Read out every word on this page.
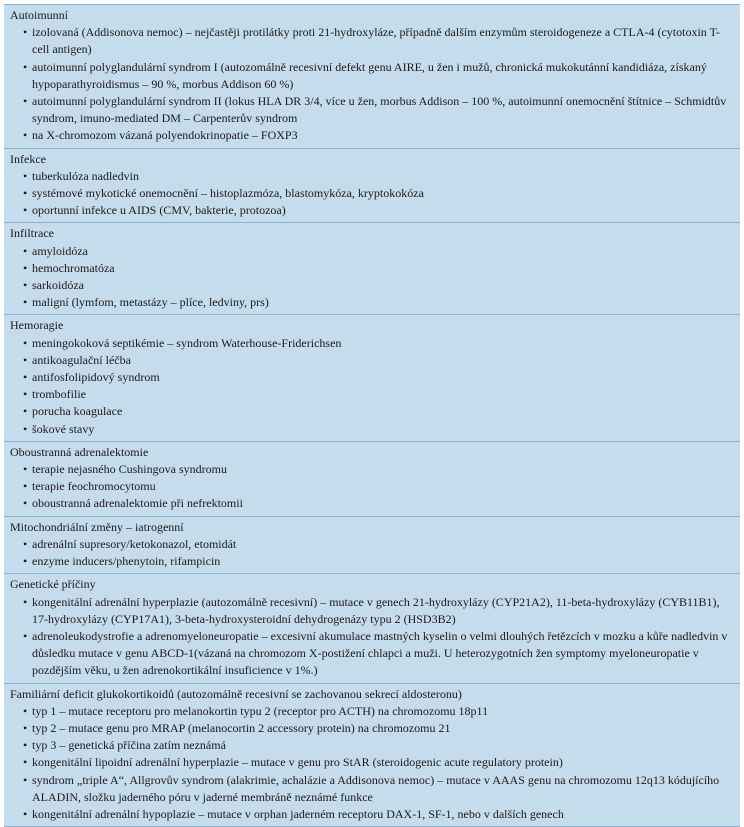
Autoimunní
• izolovaná (Addisonova nemoc) – nejčastěji protilátky proti 21-hydroxyláze, případně dalším enzymům steroidogeneze a CTLA-4 (cytotoxin T-cell antigen)
• autoimunní polyglandulární syndrom I (autozomálně recesivní defekt genu AIRE, u žen i mužů, chronická mukokutánní kandidiáza, získaný hypoparathyroidismus – 90 %, morbus Addison 60 %)
• autoimunní polyglandulární syndrom II (lokus HLA DR 3/4, více u žen, morbus Addison – 100 %, autoimunní onemocnění štítnice – Schmidtův syndrom, imuno-mediated DM – Carpenterův syndrom
• na X-chromozom vázaná polyendokrinopatie – FOXP3
Infekce
• tuberkulóza nadledvin
• systémové mykotické onemocnění – histoplazmóza, blastomykóza, kryptokokóza
• oportunní infekce u AIDS (CMV, bakterie, protozoa)
Infiltrace
• amyloidóza
• hemochromatóza
• sarkoidóza
• maligní (lymfom, metastázy – plíce, ledviny, prs)
Hemoragie
• meningokoková septikémie – syndrom Waterhouse-Friderichsen
• antikoagulační léčba
• antifosfolipidový syndrom
• trombofilie
• porucha koagulace
• šokové stavy
Oboustranná adrenalektomie
• terapie nejasného Cushingova syndromu
• terapie feochromocytomu
• oboustranná adrenalektomie při nefrektomii
Mitochondriální změny – iatrogenní
• adrenální supresory/ketokonazol, etomidát
• enzyme inducers/phenytoin, rifampicin
Genetické příčiny
• kongenitální adrenální hyperplazie (autozomálně recesivní) – mutace v genech 21-hydroxylázy (CYP21A2), 11-beta-hydroxylázy (CYB11B1), 17-hydroxylázy (CYP17A1), 3-beta-hydroxysteroidní dehydrogenázy typu 2 (HSD3B2)
• adrenoleukodystrofie a adrenomyeloneuropatie – excesivní akumulace mastných kyselin o velmi dlouhých řetězcích v mozku a kůře nadledvin v důsledku mutace v genu ABCD-1(vázaná na chromozom X-postižení chlapci a muži. U heterozygotních žen symptomy myeloneuropatie v pozdějším věku, u žen adrenokortikální insuficience v 1%.)
Familiární deficit glukokortikoidů (autozomálně recesivní se zachovanou sekrecí aldosteronu)
• typ 1 – mutace receptoru pro melanokortin typu 2 (receptor pro ACTH) na chromozomu 18p11
• typ 2 – mutace genu pro MRAP (melanocortin 2 accessory protein) na chromozomu 21
• typ 3 – genetická příčina zatím neznámá
• kongenitální lipoidní adrenální hyperplazie – mutace v genu pro StAR (steroidogenic acute regulatory protein)
• syndrom „triple A“, Allgrovův syndrom (alakrimie, achalázie a Addisonova nemoc) – mutace v AAAS genu na chromozomu 12q13 kódujícího ALADIN, složku jaderného póru v jaderné membráně neznámé funkce
• kongenitální adrenální hypoplazie – mutace v orphan jaderném receptoru DAX-1, SF-1, nebo v dalších genech
